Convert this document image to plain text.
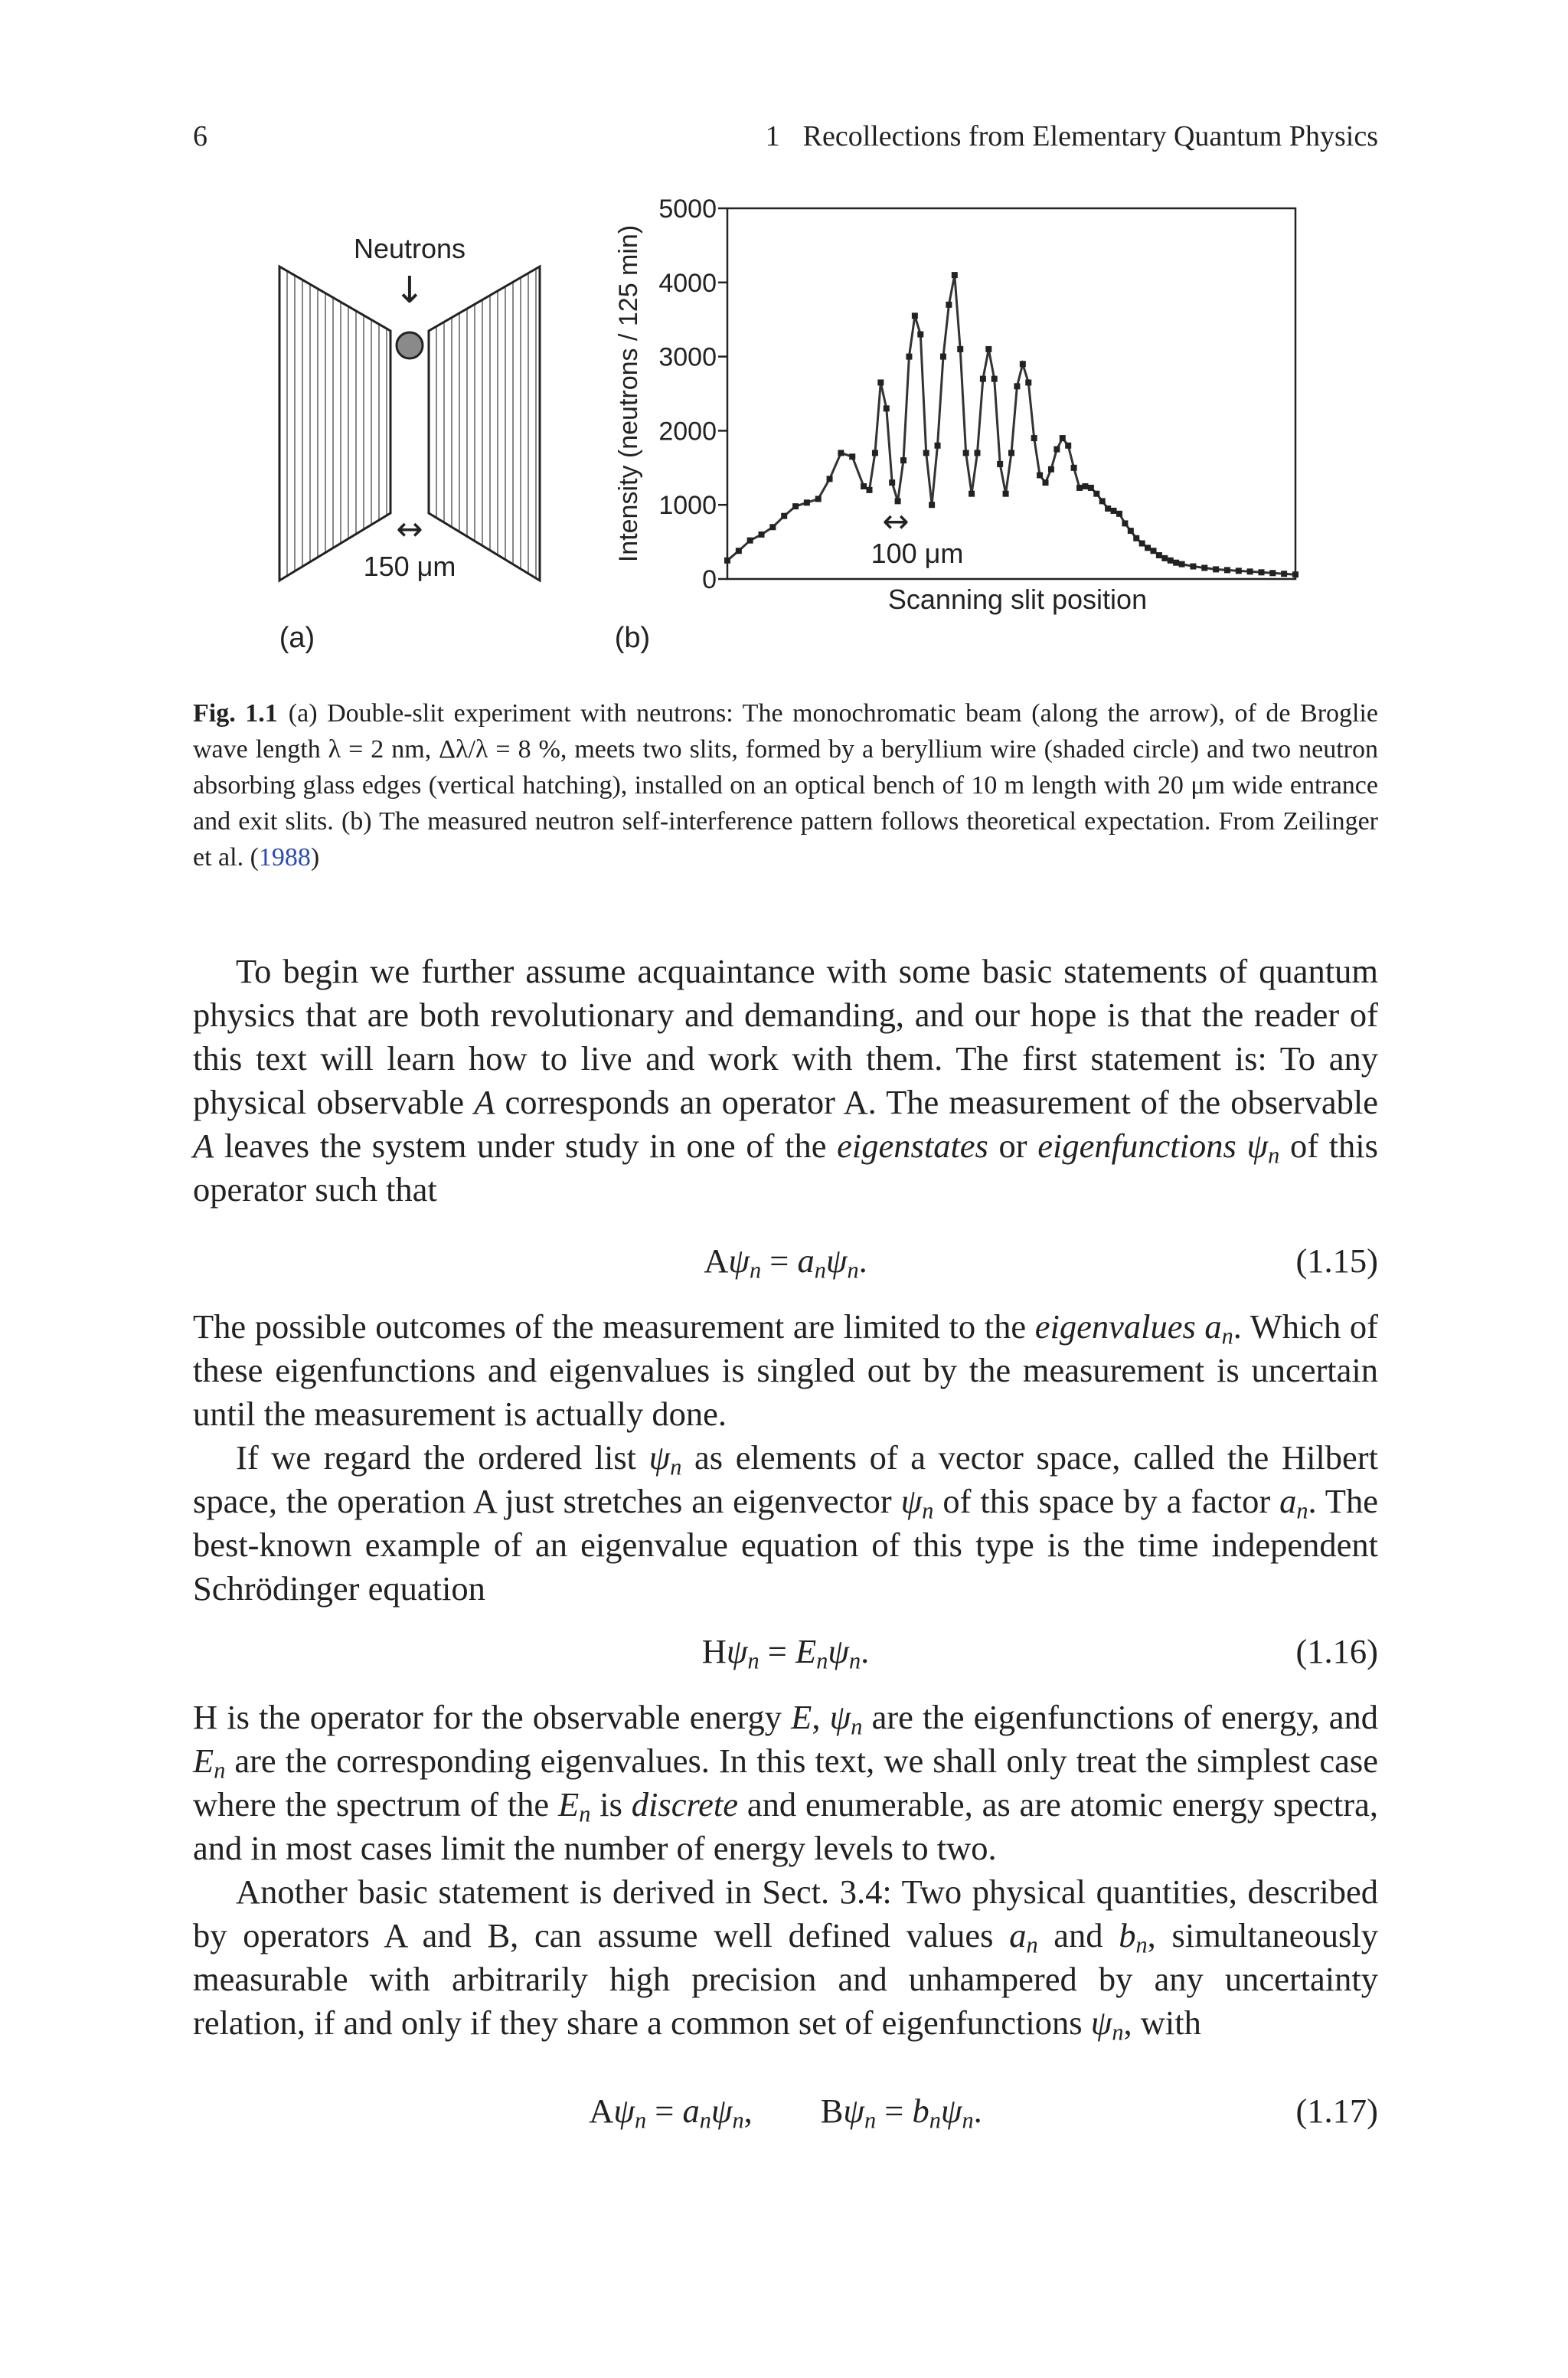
6	1 Recollections from Elementary Quantum Physics
Neutrons
↓
↔
150 μm
(a)
0
1000
2000
3000
4000
5000
Intensity (neutrons / 125 min)
Scanning slit position
↔
100 μm
(b)
Fig. 1.1 (a) Double-slit experiment with neutrons: The monochromatic beam (along the arrow), of de Broglie wave length λ = 2 nm, Δλ/λ = 8 %, meets two slits, formed by a beryllium wire (shaded circle) and two neutron absorbing glass edges (vertical hatching), installed on an optical bench of 10 m length with 20 μm wide entrance and exit slits. (b) The measured neutron self-interference pattern follows theoretical expectation. From Zeilinger et al. (1988)

To begin we further assume acquaintance with some basic statements of quantum physics that are both revolutionary and demanding, and our hope is that the reader of this text will learn how to live and work with them. The first statement is: To any physical observable A corresponds an operator A. The measurement of the observable A leaves the system under study in one of the eigenstates or eigenfunctions $\psi_n$ of this operator such that

$A\psi_n = a_n\psi_n$.	(1.15)

The possible outcomes of the measurement are limited to the eigenvalues $a_n$. Which of these eigenfunctions and eigenvalues is singled out by the measurement is uncertain until the measurement is actually done.

If we regard the ordered list $\psi_n$ as elements of a vector space, called the Hilbert space, the operation A just stretches an eigenvector $\psi_n$ of this space by a factor $a_n$. The best-known example of an eigenvalue equation of this type is the time independent Schrödinger equation

$H\psi_n = E_n\psi_n$.	(1.16)

H is the operator for the observable energy E, $\psi_n$ are the eigenfunctions of energy, and $E_n$ are the corresponding eigenvalues. In this text, we shall only treat the simplest case where the spectrum of the $E_n$ is discrete and enumerable, as are atomic energy spectra, and in most cases limit the number of energy levels to two.

Another basic statement is derived in Sect. 3.4: Two physical quantities, described by operators A and B, can assume well defined values $a_n$ and $b_n$, simultaneously measurable with arbitrarily high precision and unhampered by any uncertainty relation, if and only if they share a common set of eigenfunctions $\psi_n$, with

$A\psi_n = a_n\psi_n$,        $B\psi_n = b_n\psi_n$.	(1.17)
